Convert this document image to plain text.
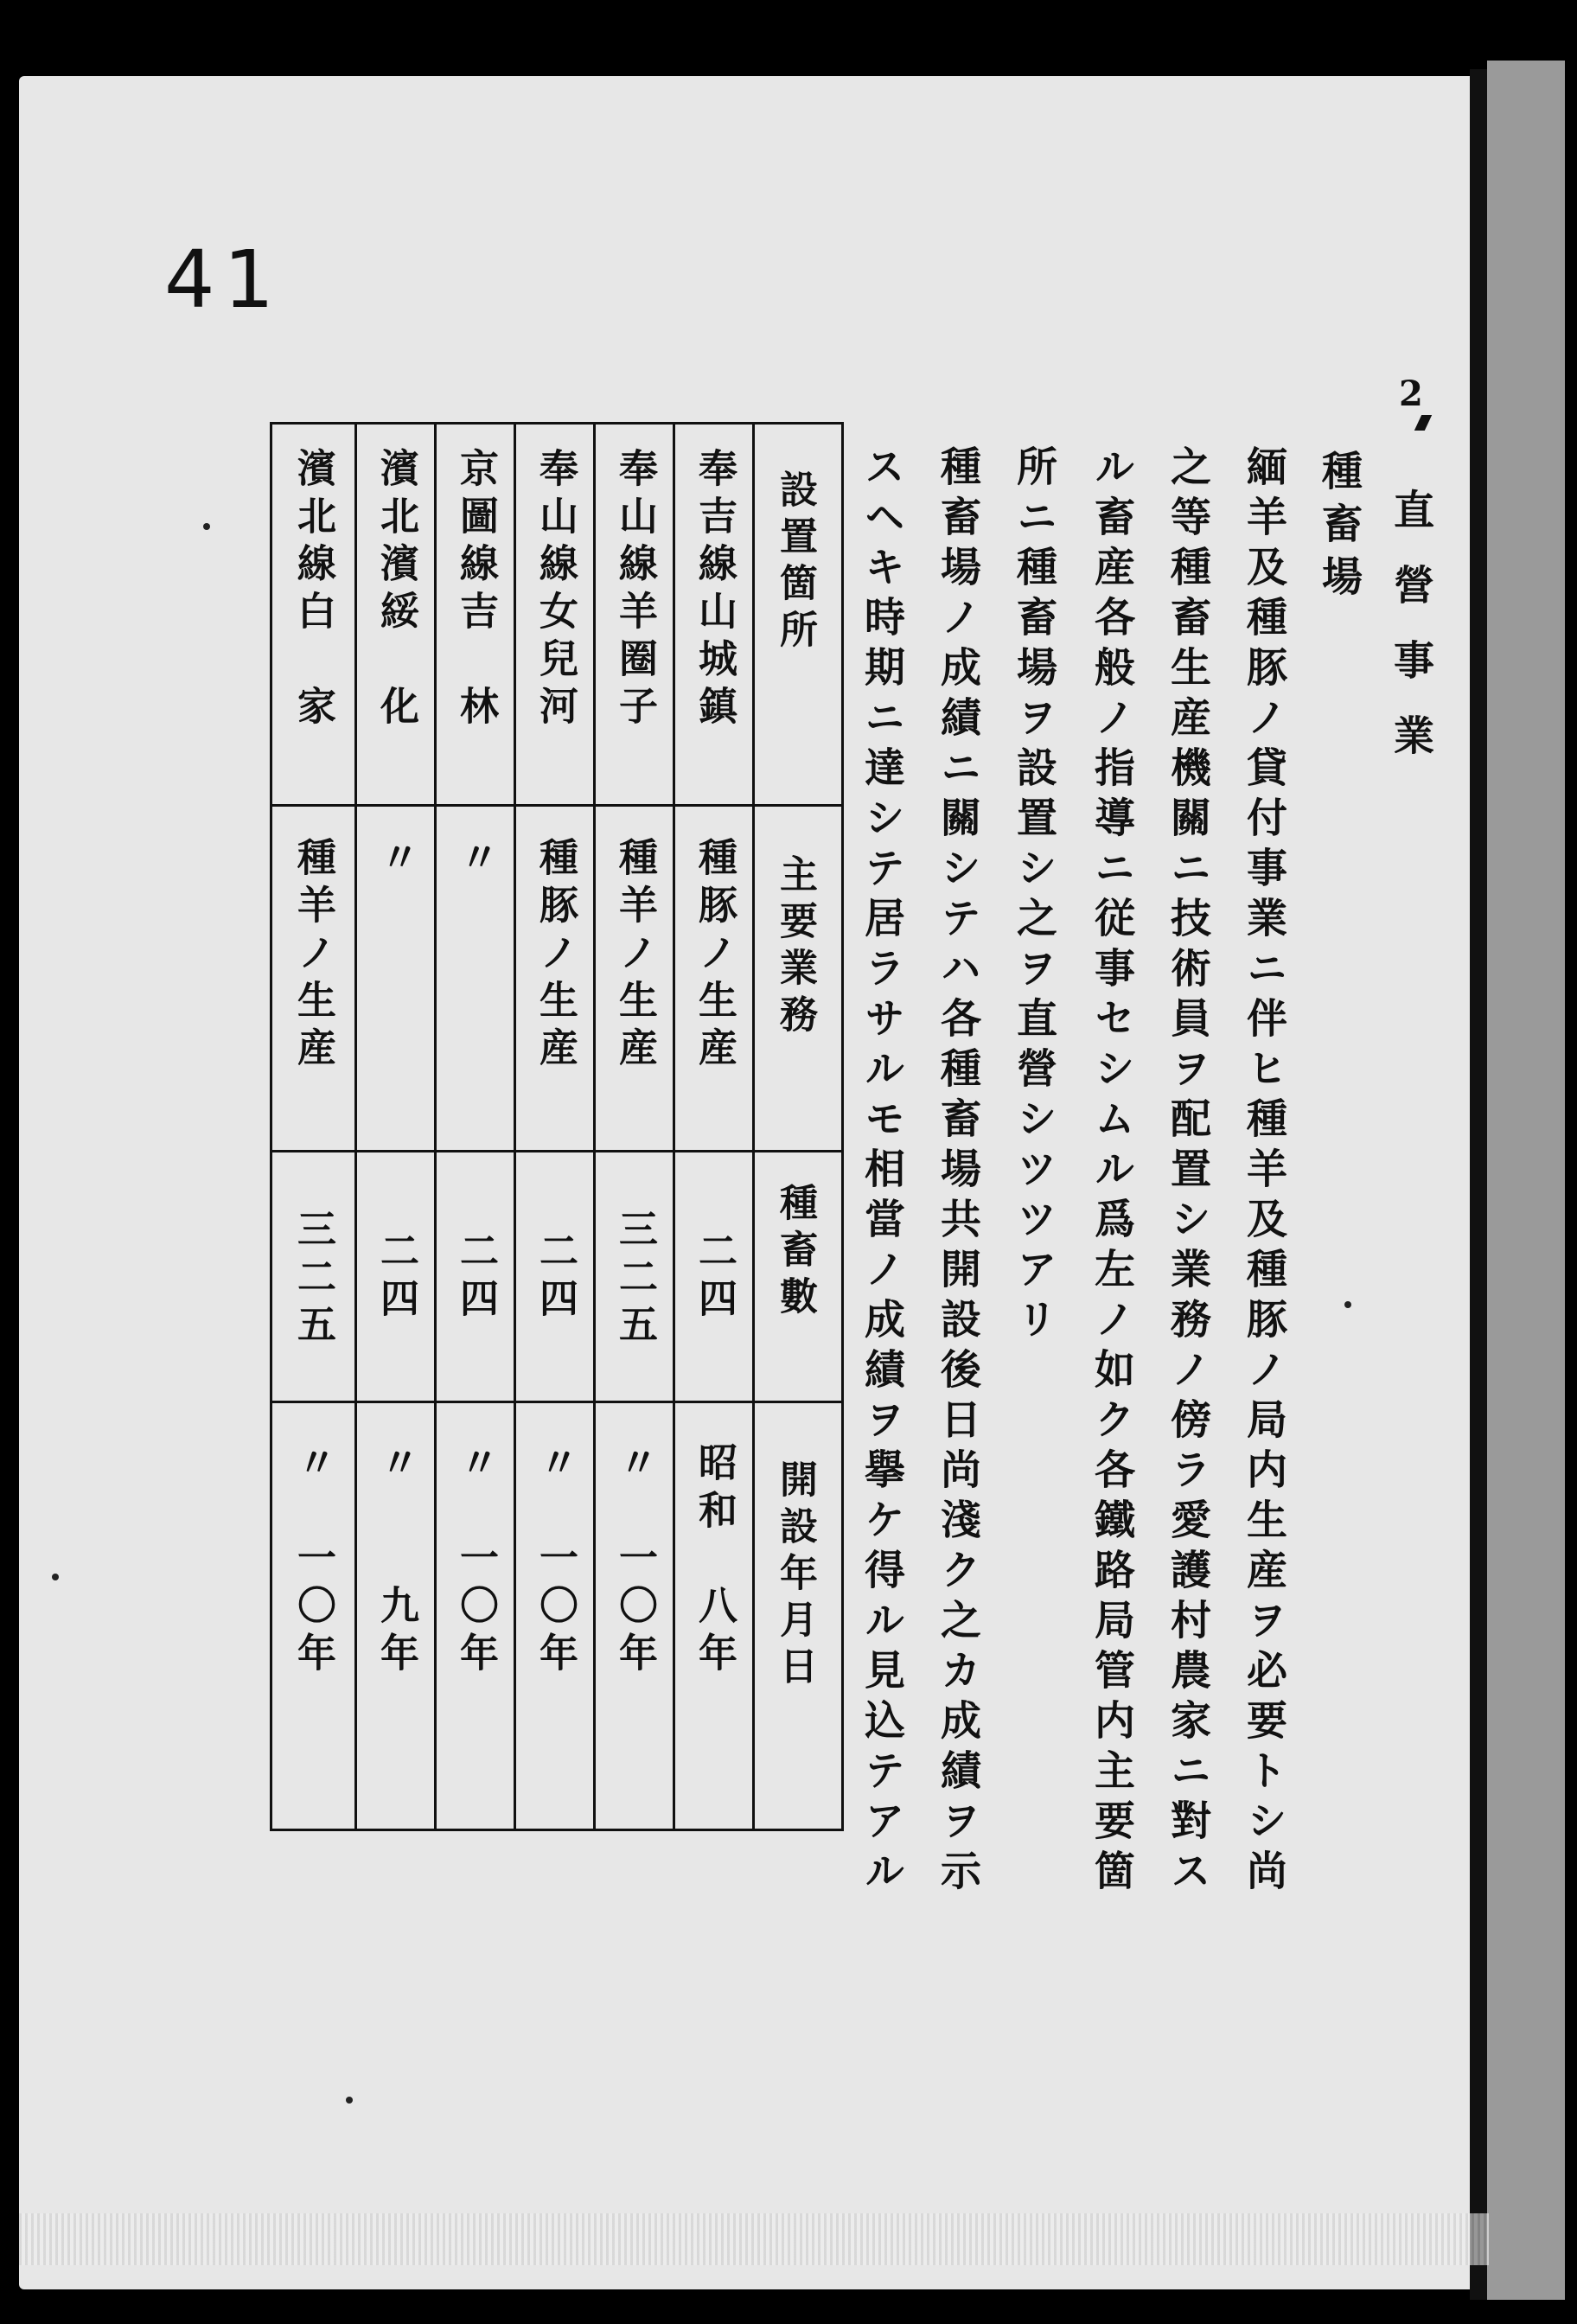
41
2
直營事業
種畜場
緬羊及種豚ノ貸付事業ニ伴ヒ種羊及種豚ノ局内生産ヲ必要トシ尚
之等種畜生産機關ニ技術員ヲ配置シ業務ノ傍ラ愛護村農家ニ對ス
ル畜産各般ノ指導ニ従事セシムル爲左ノ如ク各鐵路局管内主要箇
所ニ種畜場ヲ設置シ之ヲ直營シツツアリ
種畜場ノ成績ニ關シテハ各種畜場共開設後日尚淺ク之カ成績ヲ示
スヘキ時期ニ達シテ居ラサルモ相當ノ成績ヲ擧ケ得ル見込テアル
設置箇所
主要業務
種畜數
開設年月日
奉吉線山城鎮
種豚ノ生産
二四
昭和　八年
奉山線羊圈子
種羊ノ生産
三二五
〃　一〇年
奉山線女兒河
種豚ノ生産
二四
〃　一〇年
京圖線吉　林
〃
二四
〃　一〇年
濱北濱綏　化
〃
二四
〃　　九年
濱北線白　家
種羊ノ生産
三二五
〃　一〇年
